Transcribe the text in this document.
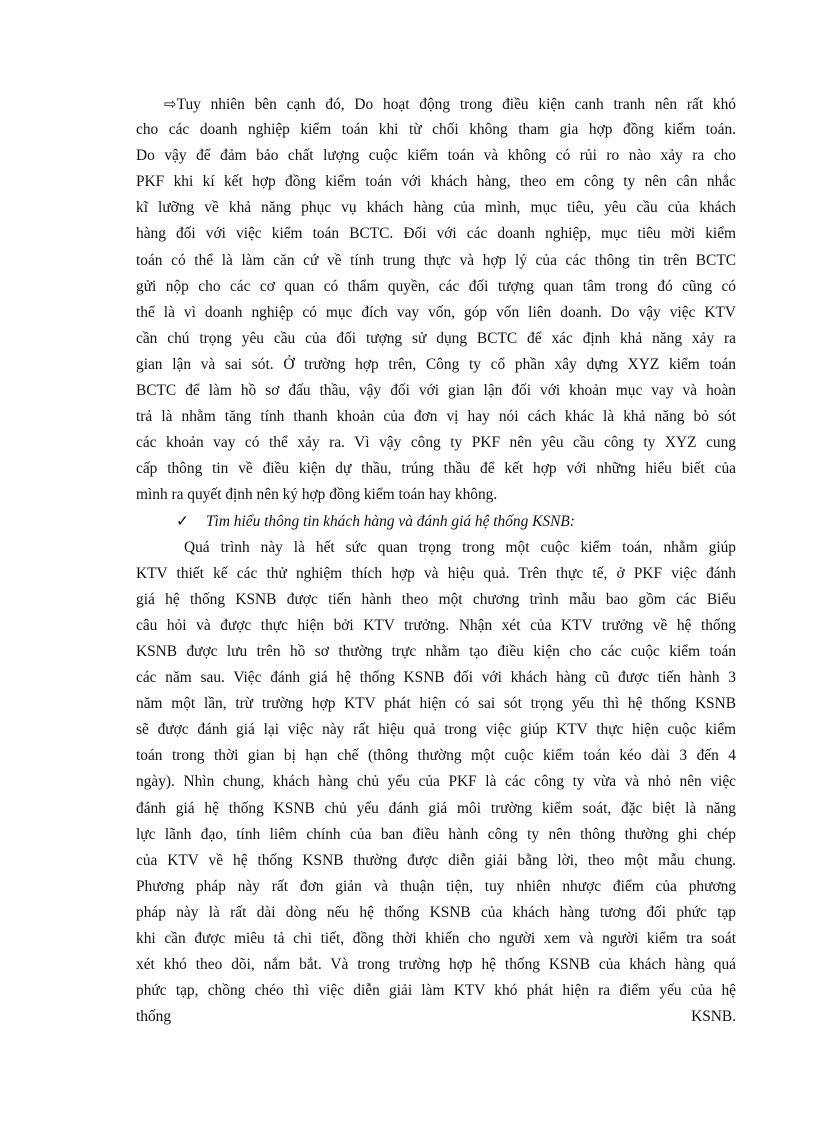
⇨Tuy nhiên bên cạnh đó, Do hoạt động trong điều kiện canh tranh nên rất khó
cho các doanh nghiệp kiểm toán khi từ chối không tham gia hợp đồng kiểm toán.
Do vậy để đảm bảo chất lượng cuộc kiểm toán và không có rủi ro nào xảy ra cho
PKF khi kí kết hợp đồng kiểm toán với khách hàng, theo em công ty nên cân nhắc
kĩ lưỡng về khả năng phục vụ khách hàng của mình, mục tiêu, yêu cầu của khách
hàng đối với việc kiểm toán BCTC. Đối với các doanh nghiệp, mục tiêu mời kiểm
toán có thể là làm căn cứ về tính trung thực và hợp lý của các thông tin trên BCTC
gửi nộp cho các cơ quan có thẩm quyền, các đối tượng quan tâm trong đó cũng có
thể là vì doanh nghiệp có mục đích vay vốn, góp vốn liên doanh. Do vậy việc KTV
cần chú trọng yêu cầu của đối tượng sử dụng BCTC để xác định khả năng xảy ra
gian lận và sai sót. Ở trường hợp trên, Công ty cổ phần xây dựng XYZ kiểm toán
BCTC để làm hồ sơ đấu thầu, vậy đối với gian lận đối với khoản mục vay và hoàn
trả là nhằm tăng tính thanh khoản của đơn vị hay nói cách khác là khả năng bỏ sót
các khoản vay có thể xảy ra. Vì vậy công ty PKF nên yêu cầu công ty XYZ cung
cấp thông tin về điều kiện dự thầu, trúng thầu để kết hợp với những hiểu biết của
mình ra quyết định nên ký hợp đồng kiểm toán hay không.
✓ Tìm hiểu thông tin khách hàng và đánh giá hệ thống KSNB:
Quá trình này là hết sức quan trọng trong một cuộc kiểm toán, nhằm giúp
KTV thiết kế các thử nghiệm thích hợp và hiệu quả. Trên thực tế, ở PKF việc đánh
giá hệ thống KSNB được tiến hành theo một chương trình mẫu bao gồm các Biểu
câu hỏi và được thực hiện bởi KTV trưởng. Nhận xét của KTV trưởng về hệ thống
KSNB được lưu trên hồ sơ thường trực nhằm tạo điều kiện cho các cuộc kiểm toán
các năm sau. Việc đánh giá hệ thống KSNB đối với khách hàng cũ được tiến hành 3
năm một lần, trừ trường hợp KTV phát hiện có sai sót trọng yếu thì hệ thống KSNB
sẽ được đánh giá lại việc này rất hiệu quả trong việc giúp KTV thực hiện cuộc kiểm
toán trong thời gian bị hạn chế (thông thường một cuộc kiểm toán kéo dài 3 đến 4
ngày). Nhìn chung, khách hàng chủ yếu của PKF là các công ty vừa và nhỏ nên việc
đánh giá hệ thống KSNB chủ yếu đánh giá môi trường kiểm soát, đặc biệt là năng
lực lãnh đạo, tính liêm chính của ban điều hành công ty nên thông thường ghi chép
của KTV về hệ thống KSNB thường được diễn giải bằng lời, theo một mẫu chung.
Phương pháp này rất đơn giản và thuận tiện, tuy nhiên nhược điểm của phương
pháp này là rất dài dòng nếu hệ thống KSNB của khách hàng tương đối phức tạp
khi cần được miêu tả chi tiết, đồng thời khiến cho người xem và người kiểm tra soát
xét khó theo dõi, nắm bắt. Và trong trường hợp hệ thống KSNB của khách hàng quá
phức tạp, chồng chéo thì việc diễn giải làm KTV khó phát hiện ra điểm yếu của hệ
thống	KSNB.
